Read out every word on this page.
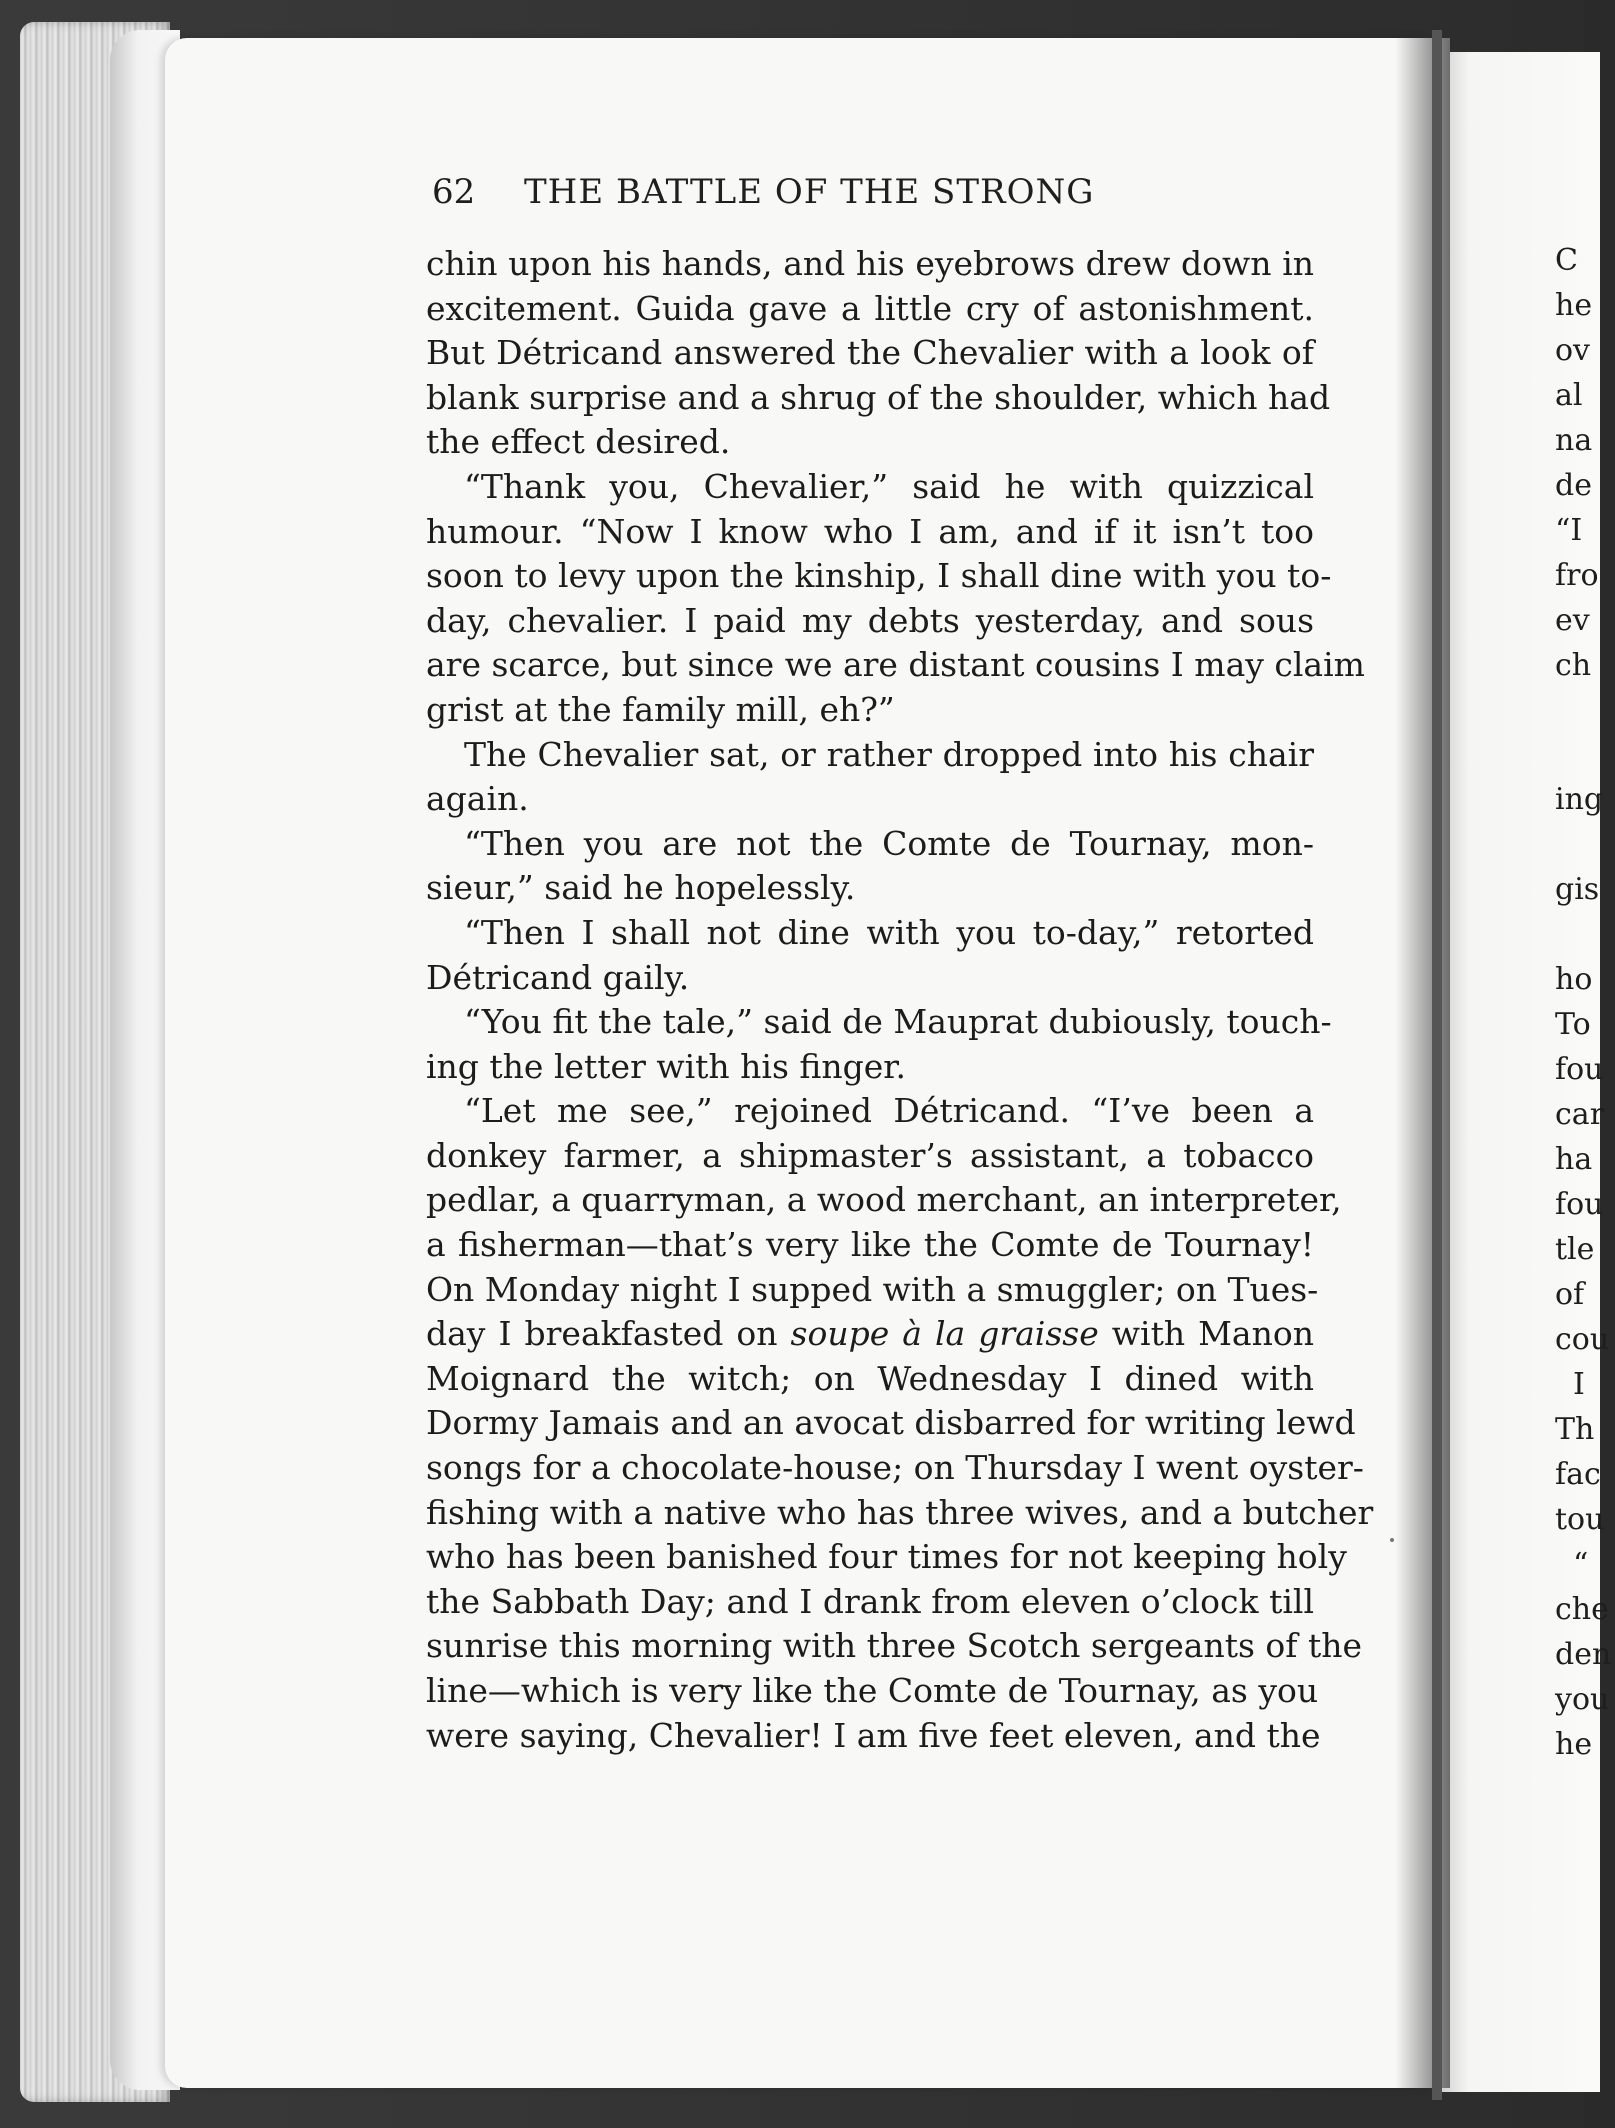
62 THE BATTLE OF THE STRONG
chin upon his hands, and his eyebrows drew down in
excitement. Guida gave a little cry of astonishment.
But Détricand answered the Chevalier with a look of
blank surprise and a shrug of the shoulder, which had
the effect desired.
“Thank you, Chevalier,” said he with quizzical
humour. “Now I know who I am, and if it isn’t too
soon to levy upon the kinship, I shall dine with you to-
day, chevalier. I paid my debts yesterday, and sous
are scarce, but since we are distant cousins I may claim
grist at the family mill, eh?”
The Chevalier sat, or rather dropped into his chair
again.
“Then you are not the Comte de Tournay, mon-
sieur,” said he hopelessly.
“Then I shall not dine with you to-day,” retorted
Détricand gaily.
“You fit the tale,” said de Mauprat dubiously, touch-
ing the letter with his finger.
“Let me see,” rejoined Détricand. “I’ve been a
donkey farmer, a shipmaster’s assistant, a tobacco
pedlar, a quarryman, a wood merchant, an interpreter,
a fisherman—that’s very like the Comte de Tournay!
On Monday night I supped with a smuggler; on Tues-
day I breakfasted on soupe à la graisse with Manon
Moignard the witch; on Wednesday I dined with
Dormy Jamais and an avocat disbarred for writing lewd
songs for a chocolate-house; on Thursday I went oyster-
fishing with a native who has three wives, and a butcher
who has been banished four times for not keeping holy
the Sabbath Day; and I drank from eleven o’clock till
sunrise this morning with three Scotch sergeants of the
line—which is very like the Comte de Tournay, as you
were saying, Chevalier! I am five feet eleven, and the
C
he
ov
al
na
de
“I
fro
ev
ch
ing
gis
ho
To
fou
car
ha
fou
tle
of
cou
I
Th
fac
tou
“
che
den
you
he
